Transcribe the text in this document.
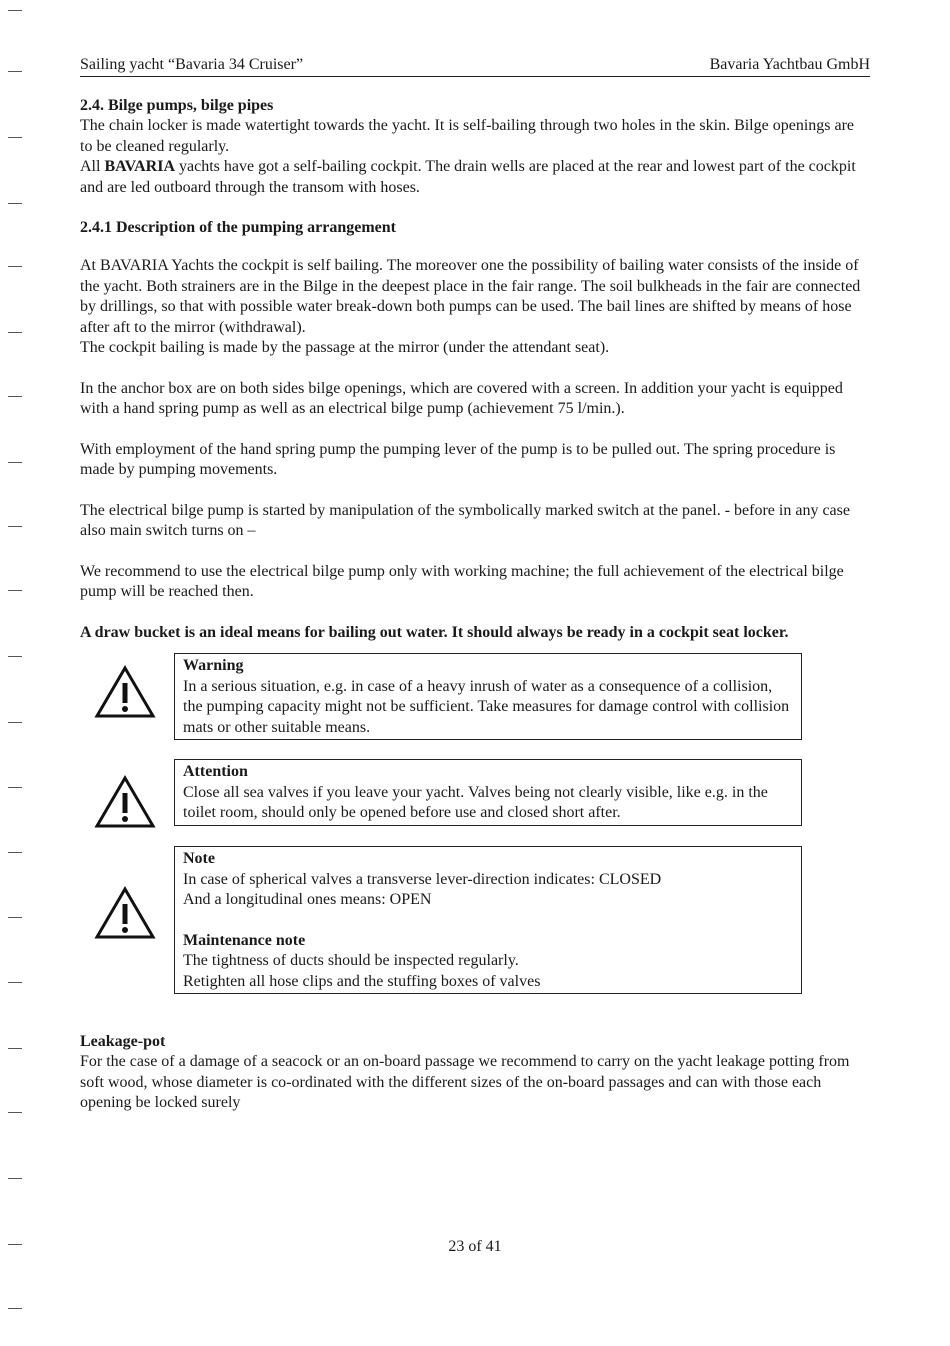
Sailing yacht “Bavaria 34 Cruiser”	Bavaria Yachtbau GmbH
2.4. Bilge pumps, bilge pipes

The chain locker is made watertight towards the yacht. It is self-bailing through two holes in the skin. Bilge openings are to be cleaned regularly.

All BAVARIA yachts have got a self-bailing cockpit. The drain wells are placed at the rear and lowest part of the cockpit and are led outboard through the transom with hoses.

2.4.1 Description of the pumping arrangement

At BAVARIA Yachts the cockpit is self bailing. The moreover one the possibility of bailing water consists of the inside of the yacht. Both strainers are in the Bilge in the deepest place in the fair range. The soil bulkheads in the fair are connected by drillings, so that with possible water break-down both pumps can be used. The bail lines are shifted by means of hose after aft to the mirror (withdrawal).

The cockpit bailing is made by the passage at the mirror (under the attendant seat).

In the anchor box are on both sides bilge openings, which are covered with a screen. In addition your yacht is equipped with a hand spring pump as well as an electrical bilge pump (achievement 75 l/min.).

With employment of the hand spring pump the pumping lever of the pump is to be pulled out. The spring procedure is made by pumping movements.

The electrical bilge pump is started by manipulation of the symbolically marked switch at the panel. - before in any case also main switch turns on –

We recommend to use the electrical bilge pump only with working machine; the full achievement of the electrical bilge pump will be reached then.

A draw bucket is an ideal means for bailing out water. It should always be ready in a cockpit seat locker.

Warning
In a serious situation, e.g. in case of a heavy inrush of water as a consequence of a collision, the pumping capacity might not be sufficient. Take measures for damage control with collision mats or other suitable means.
Attention
Close all sea valves if you leave your yacht. Valves being not clearly visible, like e.g. in the toilet room, should only be opened before use and closed short after.
Note
In case of spherical valves a transverse lever-direction indicates: CLOSED
And a longitudinal ones means: OPEN
Maintenance note
The tightness of ducts should be inspected regularly.
Retighten all hose clips and the stuffing boxes of valves
Leakage-pot

For the case of a damage of a seacock or an on-board passage we recommend to carry on the yacht leakage potting from soft wood, whose diameter is co-ordinated with the different sizes of the on-board passages and can with those each opening be locked surely

23 of 41
